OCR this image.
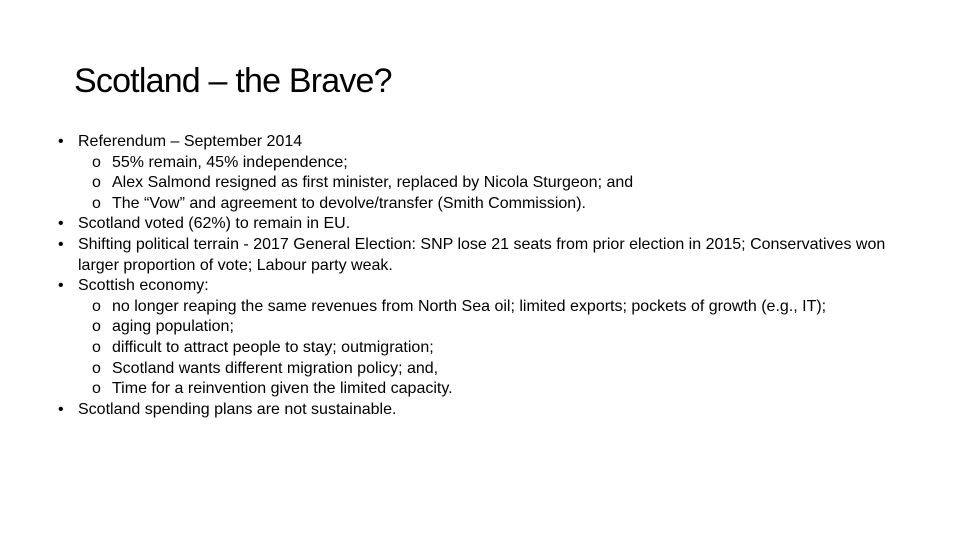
Scotland – the Brave?
• Referendum – September 2014
o 55% remain, 45% independence;
o Alex Salmond resigned as first minister, replaced by Nicola Sturgeon; and
o The “Vow” and agreement to devolve/transfer (Smith Commission).
• Scotland voted (62%) to remain in EU.
• Shifting political terrain - 2017 General Election: SNP lose 21 seats from prior election in 2015; Conservatives won larger proportion of vote; Labour party weak.
• Scottish economy:
o no longer reaping the same revenues from North Sea oil; limited exports; pockets of growth (e.g., IT);
o aging population;
o difficult to attract people to stay; outmigration;
o Scotland wants different migration policy; and,
o Time for a reinvention given the limited capacity.
• Scotland spending plans are not sustainable.
